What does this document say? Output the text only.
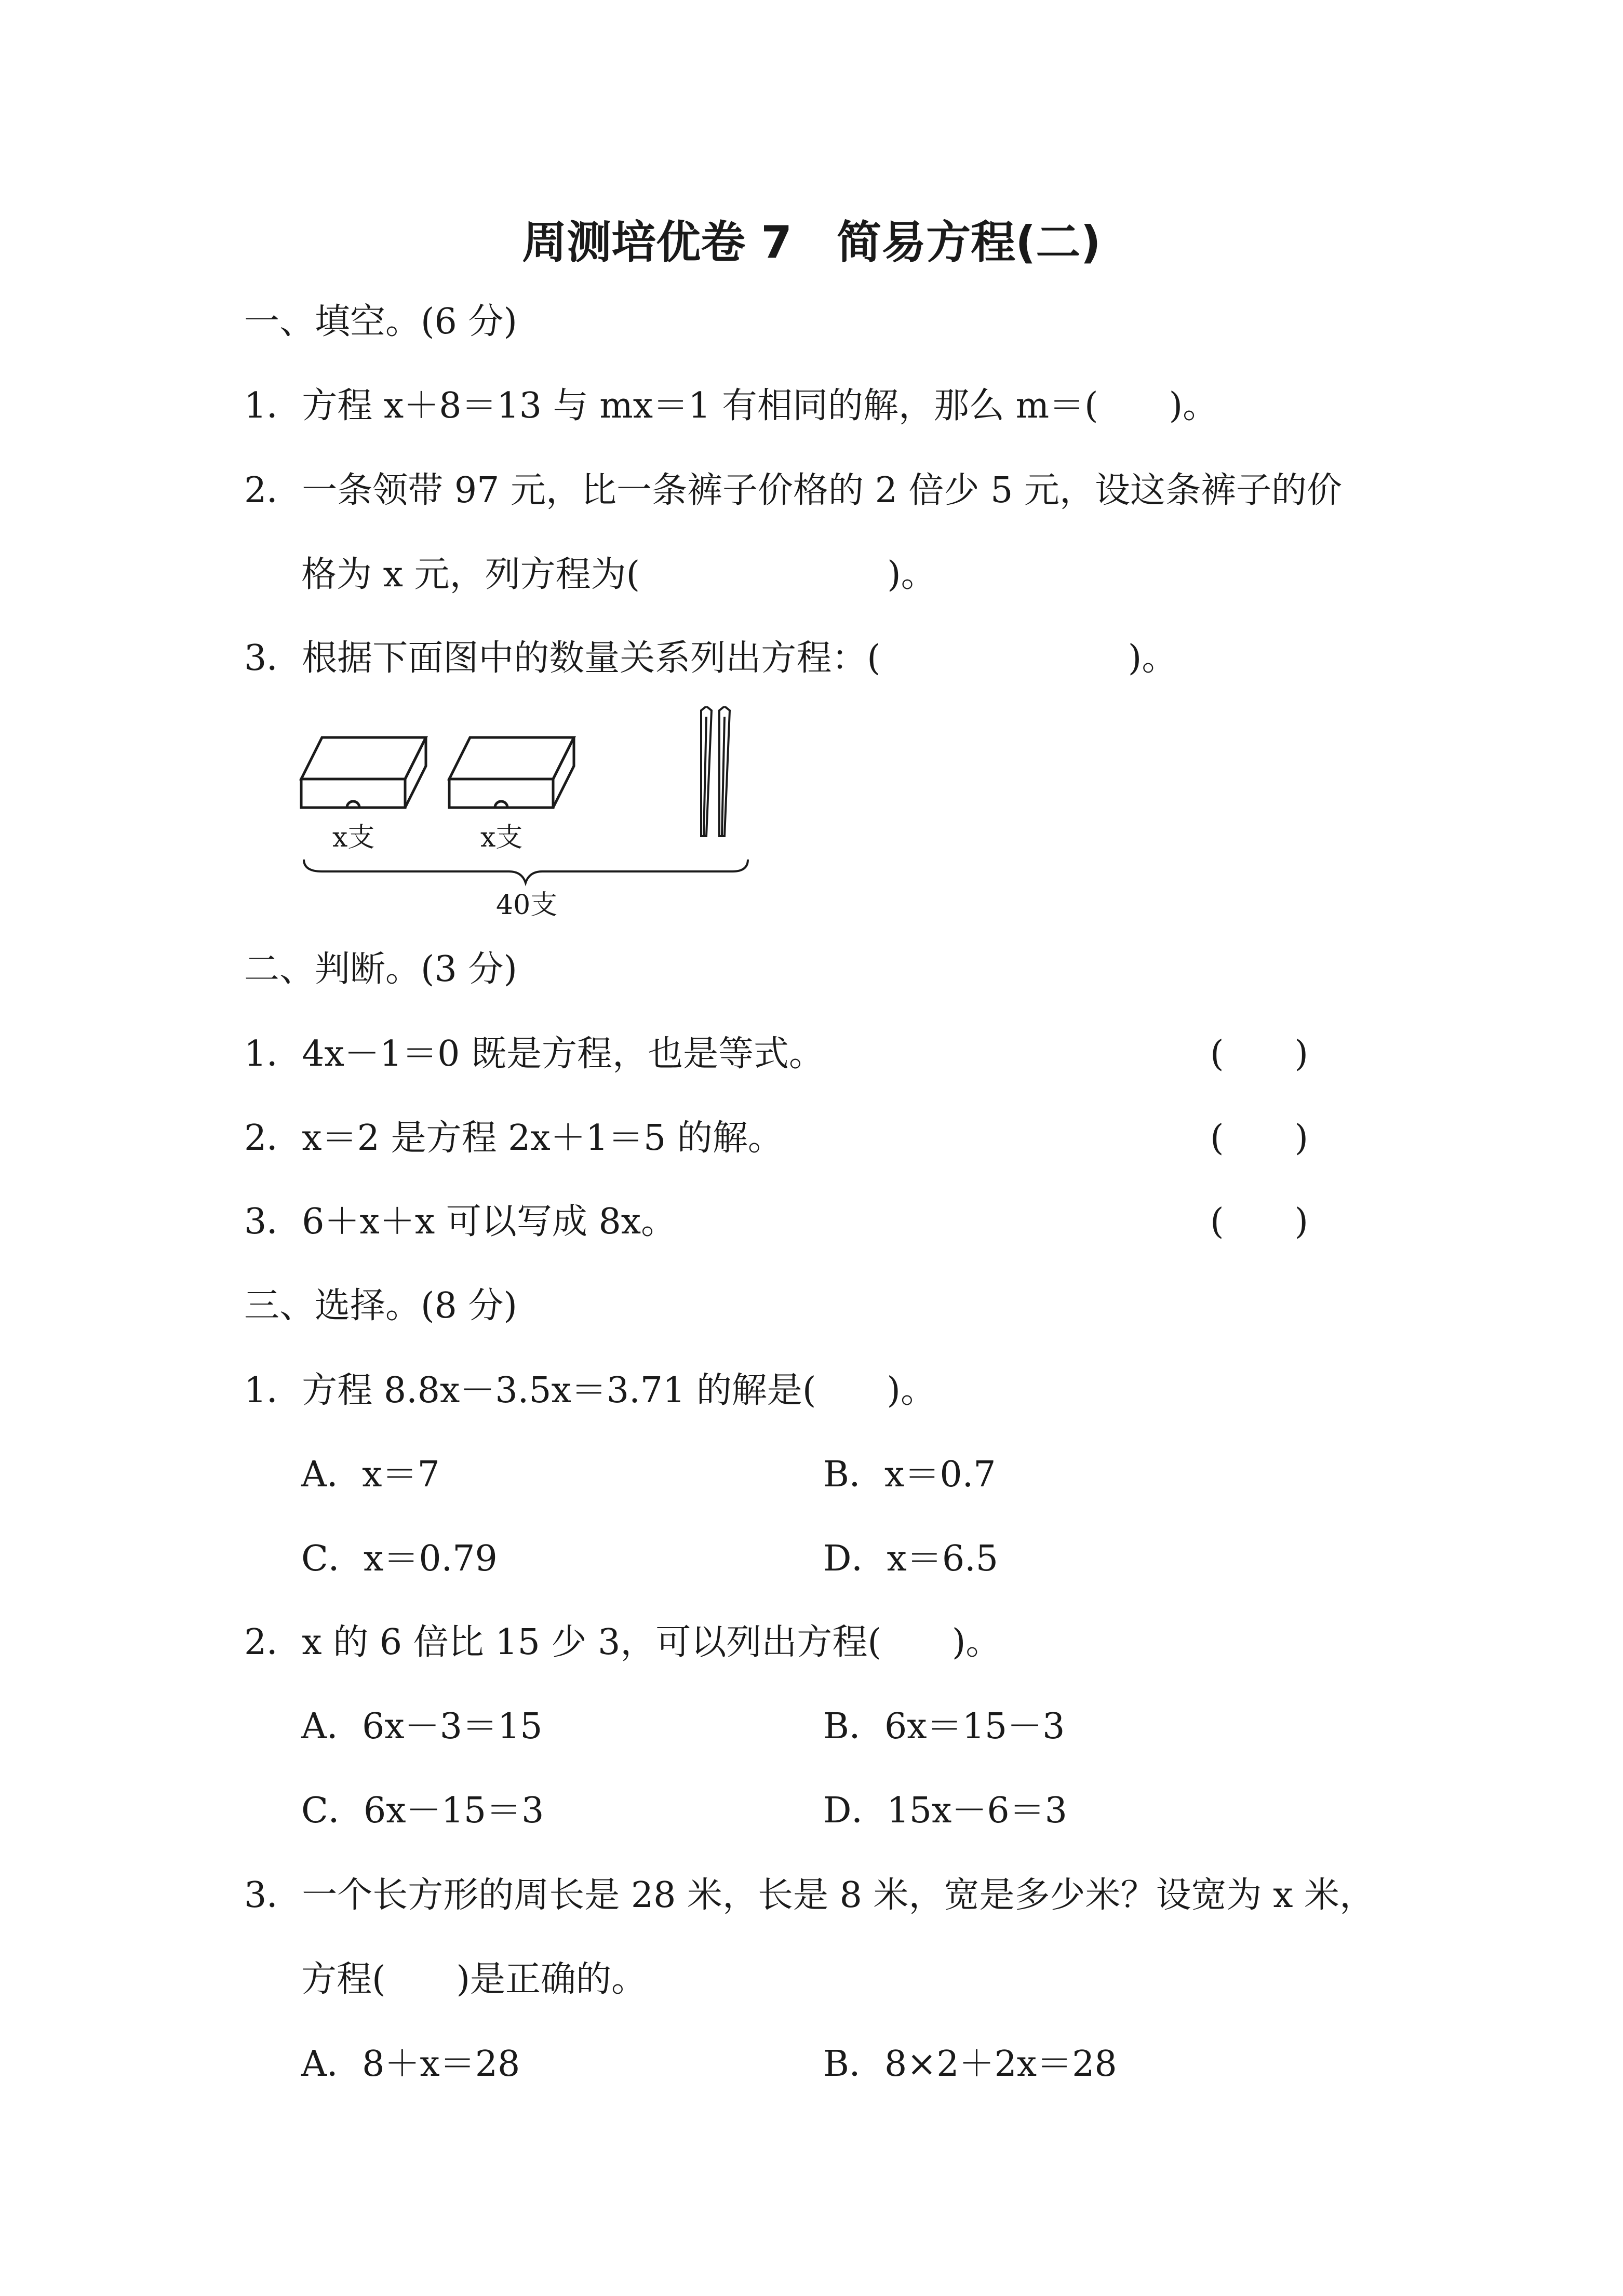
周测培优卷 7　简易方程(二)

一、填空。(6 分)

1．方程 x＋8＝13 与 mx＝1 有相同的解，那么 m＝(　　)。

2．一条领带 97 元，比一条裤子价格的 2 倍少 5 元，设这条裤子的价

格为 x 元，列方程为(　　　　　　　)。

3．根据下面图中的数量关系列出方程：(　　　　　　　)。

x支	x支
40支

二、判断。(3 分)

1．4x－1＝0 既是方程，也是等式。	(　　)

2．x＝2 是方程 2x＋1＝5 的解。	(　　)

3．6＋x＋x 可以写成 8x。	(　　)

三、选择。(8 分)

1．方程 8.8x－3.5x＝3.71 的解是(　　)。

A．x＝7	B．x＝0.7

C．x＝0.79	D．x＝6.5

2．x 的 6 倍比 15 少 3，可以列出方程(　　)。

A．6x－3＝15	B．6x＝15－3

C．6x－15＝3	D．15x－6＝3

3．一个长方形的周长是 28 米，长是 8 米，宽是多少米？设宽为 x 米，

方程(　　)是正确的。

A．8＋x＝28	B．8×2＋2x＝28
